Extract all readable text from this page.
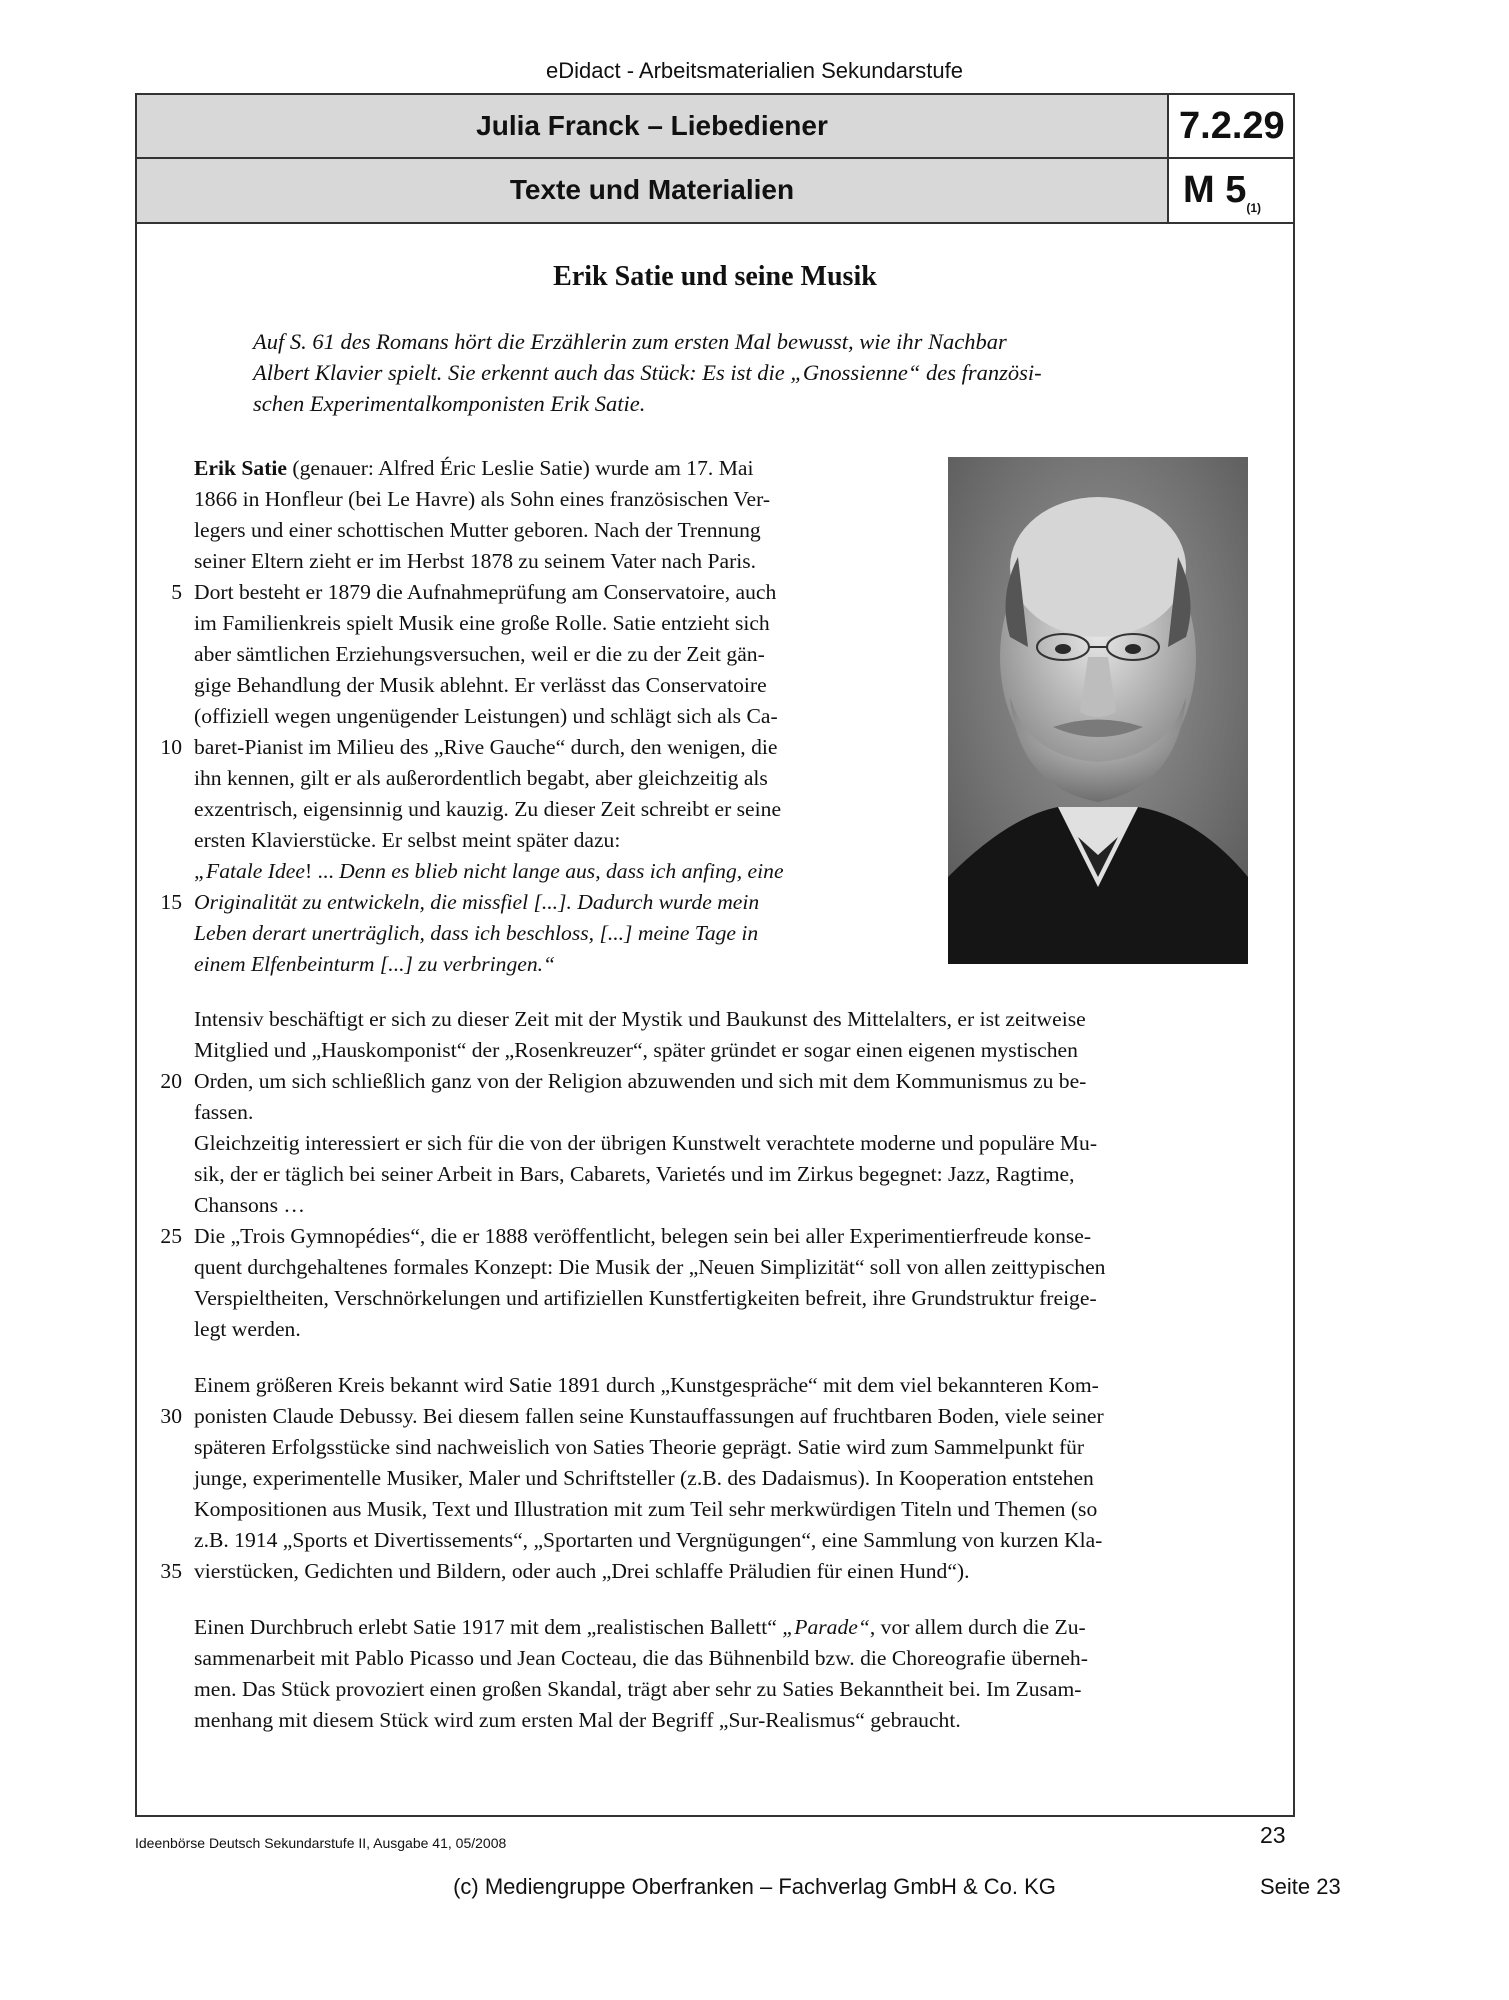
eDidact - Arbeitsmaterialien Sekundarstufe
Julia Franck – Liebediener	7.2.29
Texte und Materialien	M $5_{(1)}$
Erik Satie und seine Musik
Auf S. 61 des Romans hört die Erzählerin zum ersten Mal bewusst, wie ihr Nachbar
Albert Klavier spielt. Sie erkennt auch das Stück: Es ist die „Gnossienne“ des französi-
schen Experimentalkomponisten Erik Satie.
Erik Satie (genauer: Alfred Éric Leslie Satie) wurde am 17. Mai
1866 in Honfleur (bei Le Havre) als Sohn eines französischen Ver-
legers und einer schottischen Mutter geboren. Nach der Trennung
seiner Eltern zieht er im Herbst 1878 zu seinem Vater nach Paris.
Dort besteht er 1879 die Aufnahmeprüfung am Conservatoire, auch
im Familienkreis spielt Musik eine große Rolle. Satie entzieht sich
aber sämtlichen Erziehungsversuchen, weil er die zu der Zeit gän-
gige Behandlung der Musik ablehnt. Er verlässt das Conservatoire
(offiziell wegen ungenügender Leistungen) und schlägt sich als Ca-
baret-Pianist im Milieu des „Rive Gauche“ durch, den wenigen, die
ihn kennen, gilt er als außerordentlich begabt, aber gleichzeitig als
exzentrisch, eigensinnig und kauzig. Zu dieser Zeit schreibt er seine
ersten Klavierstücke. Er selbst meint später dazu:
„Fatale Idee! ... Denn es blieb nicht lange aus, dass ich anfing, eine
Originalität zu entwickeln, die missfiel [...]. Dadurch wurde mein
Leben derart unerträglich, dass ich beschloss, [...] meine Tage in
einem Elfenbeinturm [...] zu verbringen.“
Intensiv beschäftigt er sich zu dieser Zeit mit der Mystik und Baukunst des Mittelalters, er ist zeitweise
Mitglied und „Hauskomponist“ der „Rosenkreuzer“, später gründet er sogar einen eigenen mystischen
Orden, um sich schließlich ganz von der Religion abzuwenden und sich mit dem Kommunismus zu be-
fassen.
Gleichzeitig interessiert er sich für die von der übrigen Kunstwelt verachtete moderne und populäre Mu-
sik, der er täglich bei seiner Arbeit in Bars, Cabarets, Varietés und im Zirkus begegnet: Jazz, Ragtime,
Chansons …
Die „Trois Gymnopédies“, die er 1888 veröffentlicht, belegen sein bei aller Experimentierfreude konse-
quent durchgehaltenes formales Konzept: Die Musik der „Neuen Simplizität“ soll von allen zeittypischen
Verspieltheiten, Verschnörkelungen und artifiziellen Kunstfertigkeiten befreit, ihre Grundstruktur freige-
legt werden.
Einem größeren Kreis bekannt wird Satie 1891 durch „Kunstgespräche“ mit dem viel bekannteren Kom-
ponisten Claude Debussy. Bei diesem fallen seine Kunstauffassungen auf fruchtbaren Boden, viele seiner
späteren Erfolgsstücke sind nachweislich von Saties Theorie geprägt. Satie wird zum Sammelpunkt für
junge, experimentelle Musiker, Maler und Schriftsteller (z.B. des Dadaismus). In Kooperation entstehen
Kompositionen aus Musik, Text und Illustration mit zum Teil sehr merkwürdigen Titeln und Themen (so
z.B. 1914 „Sports et Divertissements“, „Sportarten und Vergnügungen“, eine Sammlung von kurzen Kla-
vierstücken, Gedichten und Bildern, oder auch „Drei schlaffe Präludien für einen Hund“).
Einen Durchbruch erlebt Satie 1917 mit dem „realistischen Ballett“ „Parade“, vor allem durch die Zu-
sammenarbeit mit Pablo Picasso und Jean Cocteau, die das Bühnenbild bzw. die Choreografie überneh-
men. Das Stück provoziert einen großen Skandal, trägt aber sehr zu Saties Bekanntheit bei. Im Zusam-
menhang mit diesem Stück wird zum ersten Mal der Begriff „Sur-Realismus“ gebraucht.
5
10
15
20
25
30
35
Ideenbörse Deutsch Sekundarstufe II, Ausgabe 41, 05/2008	23
(c) Mediengruppe Oberfranken – Fachverlag GmbH & Co. KG	Seite 23
